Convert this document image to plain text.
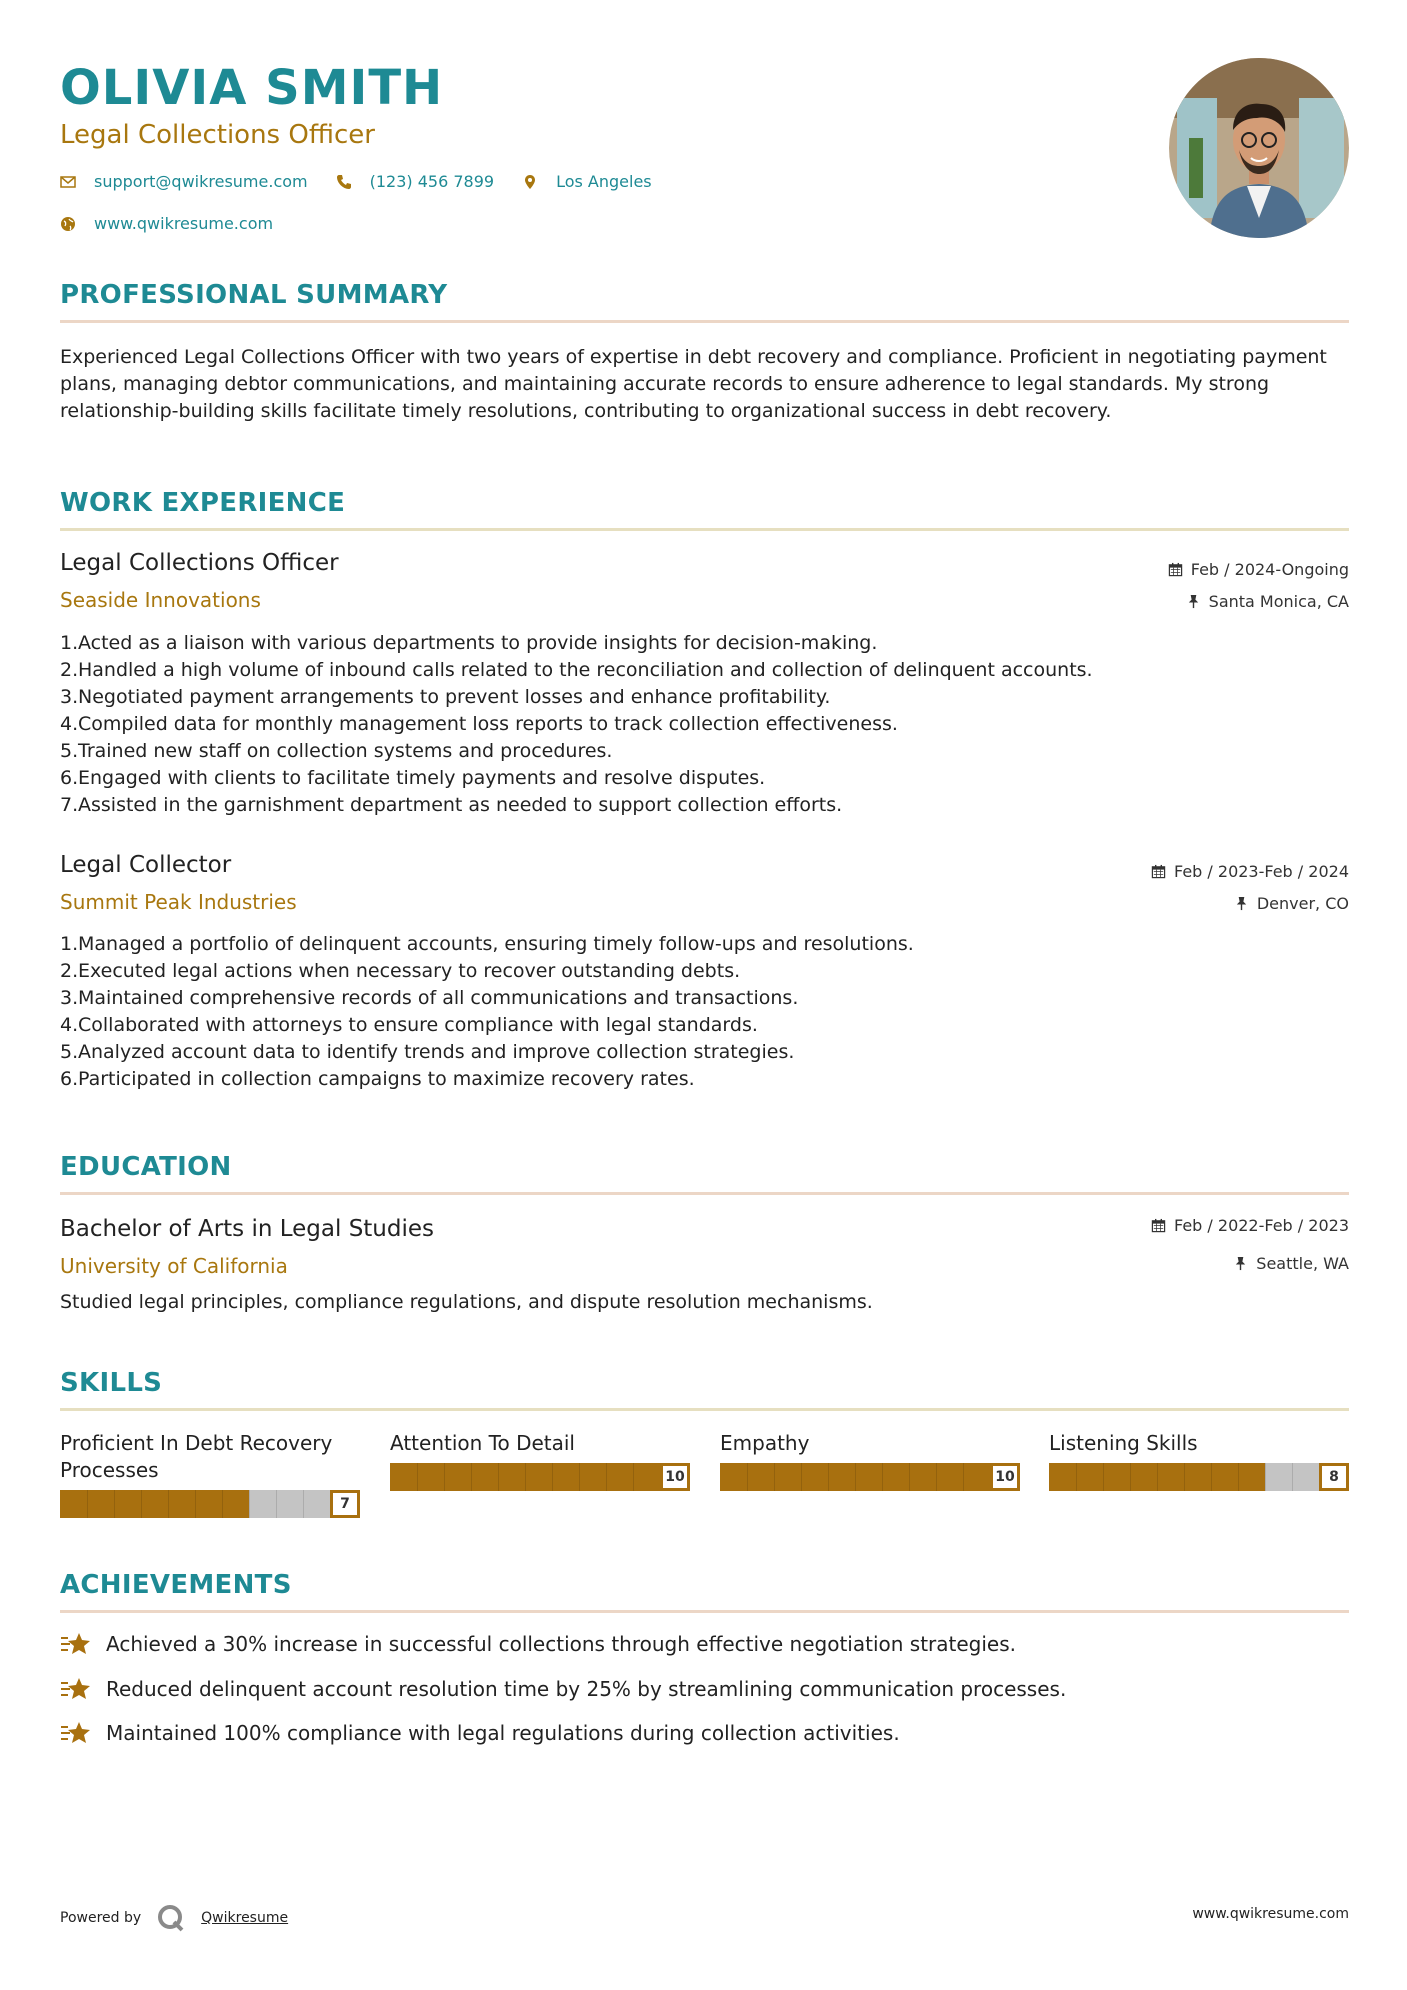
OLIVIA SMITH
Legal Collections Officer
support@qwikresume.com	(123) 456 7899	Los Angeles
www.qwikresume.com
PROFESSIONAL SUMMARY
Experienced Legal Collections Officer with two years of expertise in debt recovery and compliance. Proficient in negotiating payment plans, managing debtor communications, and maintaining accurate records to ensure adherence to legal standards. My strong relationship-building skills facilitate timely resolutions, contributing to organizational success in debt recovery.
WORK EXPERIENCE
Legal Collections Officer	Feb / 2024-Ongoing
Seaside Innovations	Santa Monica, CA
1. Acted as a liaison with various departments to provide insights for decision-making.
2. Handled a high volume of inbound calls related to the reconciliation and collection of delinquent accounts.
3. Negotiated payment arrangements to prevent losses and enhance profitability.
4. Compiled data for monthly management loss reports to track collection effectiveness.
5. Trained new staff on collection systems and procedures.
6. Engaged with clients to facilitate timely payments and resolve disputes.
7. Assisted in the garnishment department as needed to support collection efforts.
Legal Collector	Feb / 2023-Feb / 2024
Summit Peak Industries	Denver, CO
1. Managed a portfolio of delinquent accounts, ensuring timely follow-ups and resolutions.
2. Executed legal actions when necessary to recover outstanding debts.
3. Maintained comprehensive records of all communications and transactions.
4. Collaborated with attorneys to ensure compliance with legal standards.
5. Analyzed account data to identify trends and improve collection strategies.
6. Participated in collection campaigns to maximize recovery rates.
EDUCATION
Bachelor of Arts in Legal Studies	Feb / 2022-Feb / 2023
University of California	Seattle, WA
Studied legal principles, compliance regulations, and dispute resolution mechanisms.
SKILLS
Proficient In Debt Recovery Processes
7
Attention To Detail
10
Empathy
10
Listening Skills
8
ACHIEVEMENTS
Achieved a 30% increase in successful collections through effective negotiation strategies.
Reduced delinquent account resolution time by 25% by streamlining communication processes.
Maintained 100% compliance with legal regulations during collection activities.
Powered by	Qwikresume	www.qwikresume.com
